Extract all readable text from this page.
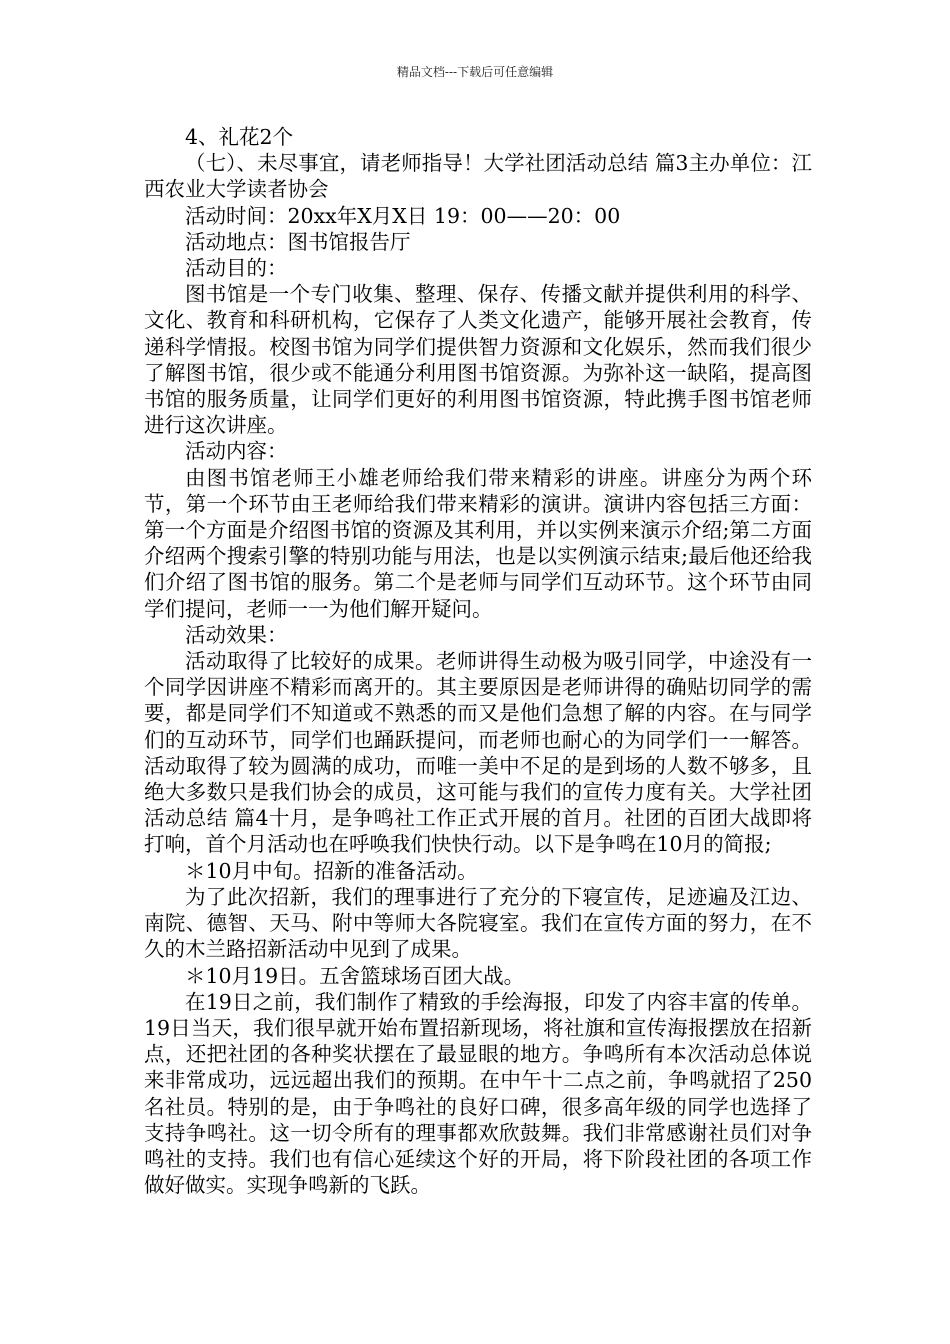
精品文档---下载后可任意编辑

4、礼花2个

（七）、未尽事宜，请老师指导！大学社团活动总结 篇3主办单位：江西农业大学读者协会

活动时间：20xx年X月X日 19：00——20：00

活动地点：图书馆报告厅

活动目的：

图书馆是一个专门收集、整理、保存、传播文献并提供利用的科学、文化、教育和科研机构，它保存了人类文化遗产，能够开展社会教育，传递科学情报。校图书馆为同学们提供智力资源和文化娱乐，然而我们很少了解图书馆，很少或不能通分利用图书馆资源。为弥补这一缺陷，提高图书馆的服务质量，让同学们更好的利用图书馆资源，特此携手图书馆老师进行这次讲座。

活动内容：

由图书馆老师王小雄老师给我们带来精彩的讲座。讲座分为两个环节，第一个环节由王老师给我们带来精彩的演讲。演讲内容包括三方面：第一个方面是介绍图书馆的资源及其利用，并以实例来演示介绍;第二方面介绍两个搜索引擎的特别功能与用法，也是以实例演示结束;最后他还给我们介绍了图书馆的服务。第二个是老师与同学们互动环节。这个环节由同学们提问，老师一一为他们解开疑问。

活动效果：

活动取得了比较好的成果。老师讲得生动极为吸引同学，中途没有一个同学因讲座不精彩而离开的。其主要原因是老师讲得的确贴切同学的需要，都是同学们不知道或不熟悉的而又是他们急想了解的内容。在与同学们的互动环节，同学们也踊跃提问，而老师也耐心的为同学们一一解答。活动取得了较为圆满的成功，而唯一美中不足的是到场的人数不够多，且绝大多数只是我们协会的成员，这可能与我们的宣传力度有关。大学社团活动总结 篇4十月，是争鸣社工作正式开展的首月。社团的百团大战即将打响，首个月活动也在呼唤我们快快行动。以下是争鸣在10月的简报;

＊10月中旬。招新的准备活动。

为了此次招新，我们的理事进行了充分的下寝宣传，足迹遍及江边、南院、德智、天马、附中等师大各院寝室。我们在宣传方面的努力，在不久的木兰路招新活动中见到了成果。

＊10月19日。五舍篮球场百团大战。

在19日之前，我们制作了精致的手绘海报，印发了内容丰富的传单。19日当天，我们很早就开始布置招新现场，将社旗和宣传海报摆放在招新点，还把社团的各种奖状摆在了最显眼的地方。争鸣所有本次活动总体说来非常成功，远远超出我们的预期。在中午十二点之前，争鸣就招了250名社员。特别的是，由于争鸣社的良好口碑，很多高年级的同学也选择了支持争鸣社。这一切令所有的理事都欢欣鼓舞。我们非常感谢社员们对争鸣社的支持。我们也有信心延续这个好的开局，将下阶段社团的各项工作做好做实。实现争鸣新的飞跃。
